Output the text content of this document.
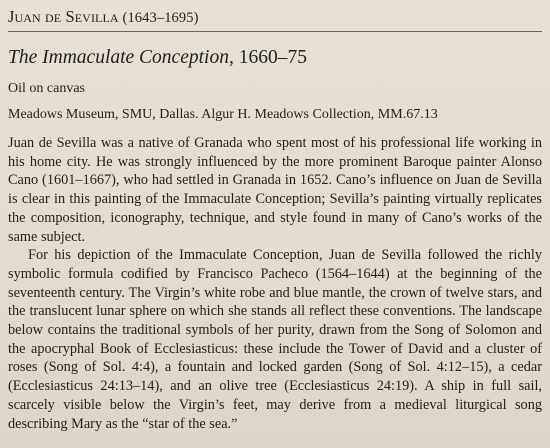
Juan de Sevilla (1643–1695)
The Immaculate Conception, 1660–75
Oil on canvas
Meadows Museum, SMU, Dallas. Algur H. Meadows Collection, MM.67.13

Juan de Sevilla was a native of Granada who spent most of his professional life working in his home city. He was strongly influenced by the more prominent Baroque painter Alonso Cano (1601–1667), who had settled in Granada in 1652. Cano’s influence on Juan de Sevilla is clear in this painting of the Immaculate Conception; Sevilla’s painting virtually replicates the composition, iconography, technique, and style found in many of Cano’s works of the same subject.

For his depiction of the Immaculate Conception, Juan de Sevilla followed the richly symbolic formula codified by Francisco Pacheco (1564–1644) at the beginning of the seventeenth century. The Virgin’s white robe and blue mantle, the crown of twelve stars, and the translucent lunar sphere on which she stands all reflect these conventions. The landscape below contains the traditional symbols of her purity, drawn from the Song of Solomon and the apocryphal Book of Ecclesiasticus: these include the Tower of David and a cluster of roses (Song of Sol. 4:4), a fountain and locked garden (Song of Sol. 4:12–15), a cedar (Ecclesiasticus 24:13–14), and an olive tree (Ecclesiasticus 24:19). A ship in full sail, scarcely visible below the Virgin’s feet, may derive from a medieval liturgical song describing Mary as the “star of the sea.”
